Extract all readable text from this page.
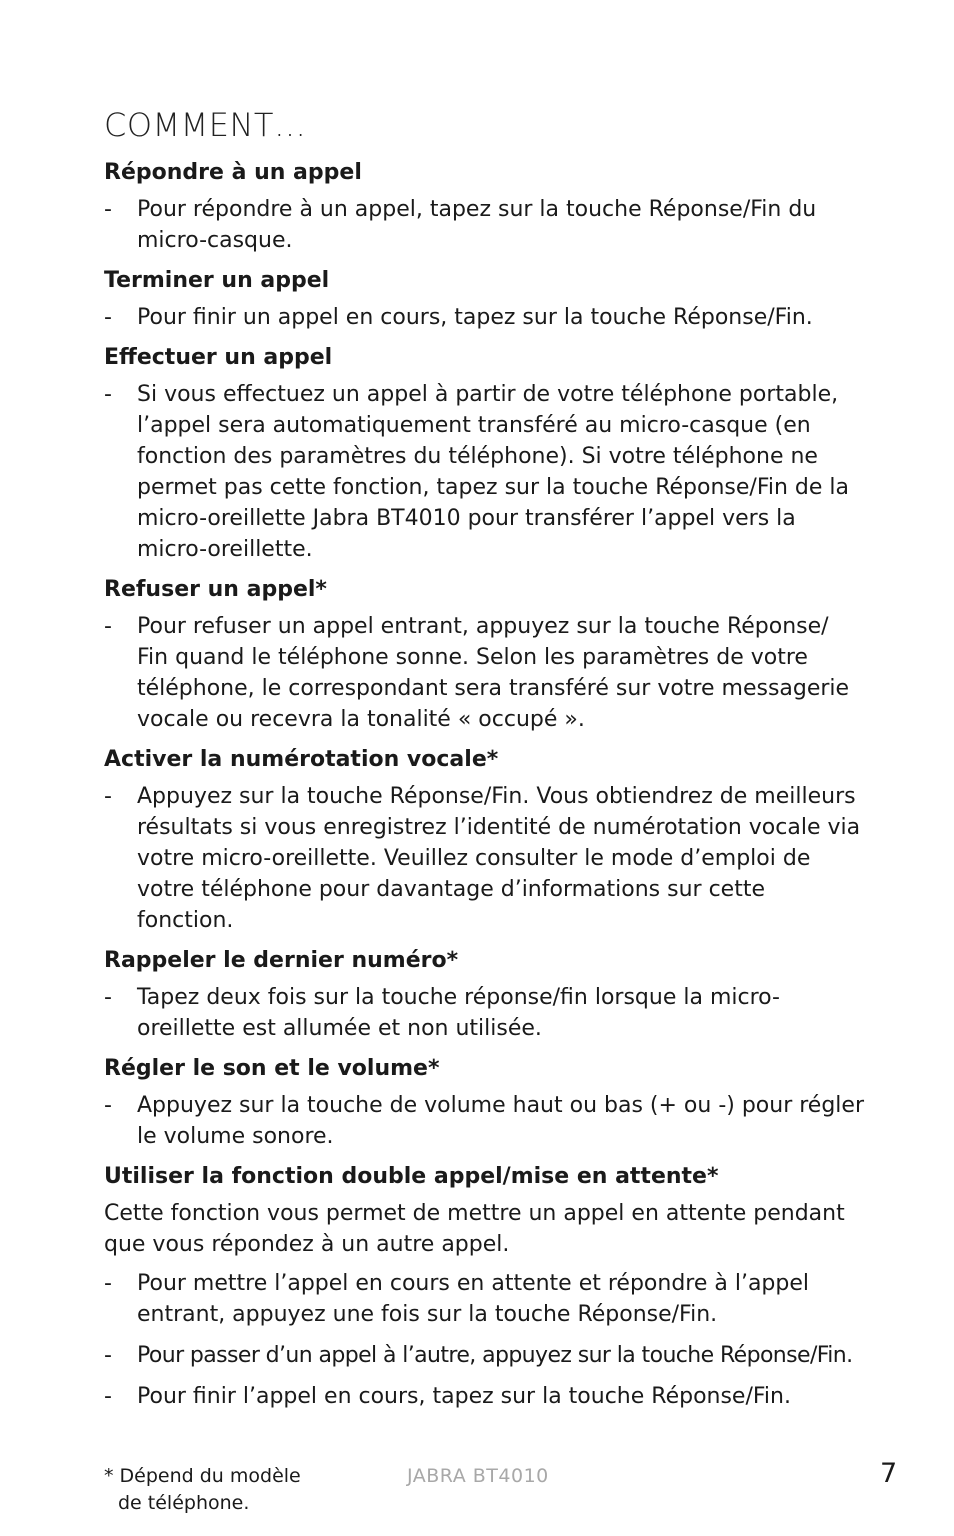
COMMENT…
Répondre à un appel
- Pour répondre à un appel, tapez sur la touche Réponse/Fin du micro-casque.
Terminer un appel
- Pour finir un appel en cours, tapez sur la touche Réponse/Fin.
Effectuer un appel
- Si vous effectuez un appel à partir de votre téléphone portable, l’appel sera automatiquement transféré au micro-casque (en fonction des paramètres du téléphone). Si votre téléphone ne permet pas cette fonction, tapez sur la touche Réponse/Fin de la micro-oreillette Jabra BT4010 pour transférer l’appel vers la micro-oreillette.
Refuser un appel*
- Pour refuser un appel entrant, appuyez sur la touche Réponse/ Fin quand le téléphone sonne. Selon les paramètres de votre téléphone, le correspondant sera transféré sur votre messagerie vocale ou recevra la tonalité « occupé ».
Activer la numérotation vocale*
- Appuyez sur la touche Réponse/Fin. Vous obtiendrez de meilleurs résultats si vous enregistrez l’identité de numérotation vocale via votre micro-oreillette. Veuillez consulter le mode d’emploi de votre téléphone pour davantage d’informations sur cette fonction.
Rappeler le dernier numéro*
- Tapez deux fois sur la touche réponse/fin lorsque la micro-oreillette est allumée et non utilisée.
Régler le son et le volume*
- Appuyez sur la touche de volume haut ou bas (+ ou -) pour régler le volume sonore.
Utiliser la fonction double appel/mise en attente*
Cette fonction vous permet de mettre un appel en attente pendant que vous répondez à un autre appel.
- Pour mettre l’appel en cours en attente et répondre à l’appel entrant, appuyez une fois sur la touche Réponse/Fin.
- Pour passer d’un appel à l’autre, appuyez sur la touche Réponse/Fin.
- Pour finir l’appel en cours, tapez sur la touche Réponse/Fin.
* Dépend du modèle
de téléphone.
JABRA BT4010	7
